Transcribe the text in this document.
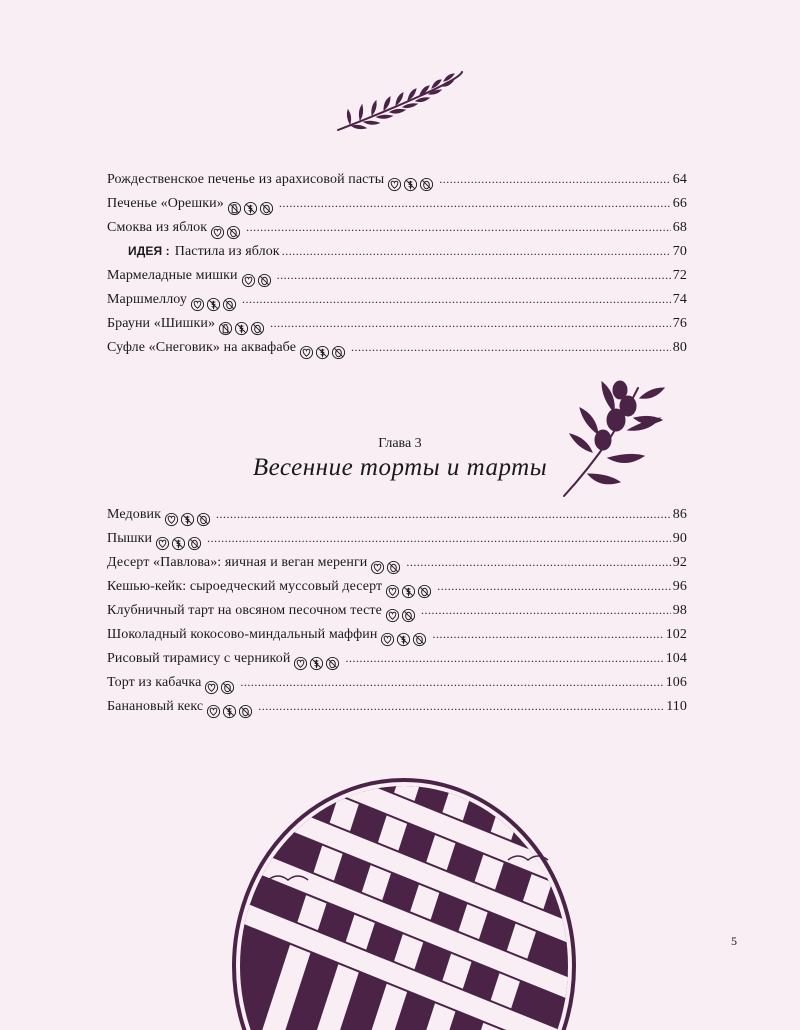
Рождественское печенье из арахисовой пасты .....	64
Печенье «Орешки» .....	66
Смоква из яблок .....	68
ИДЕЯ : Пастила из яблок .....	70
Мармеладные мишки .....	72
Маршмеллоу .....	74
Брауни «Шишки» .....	76
Суфле «Снеговик» на аквафабе .....	80
Глава 3
Весенние торты и тарты
Медовик .....	86
Пышки .....	90
Десерт «Павлова»: яичная и веган меренги .....	92
Кешью-кейк: сыроедческий муссовый десерт .....	96
Клубничный тарт на овсяном песочном тесте .....	98
Шоколадный кокосово-миндальный маффин .....	102
Рисовый тирамису с черникой .....	104
Торт из кабачка .....	106
Банановый кекс .....	110
5
